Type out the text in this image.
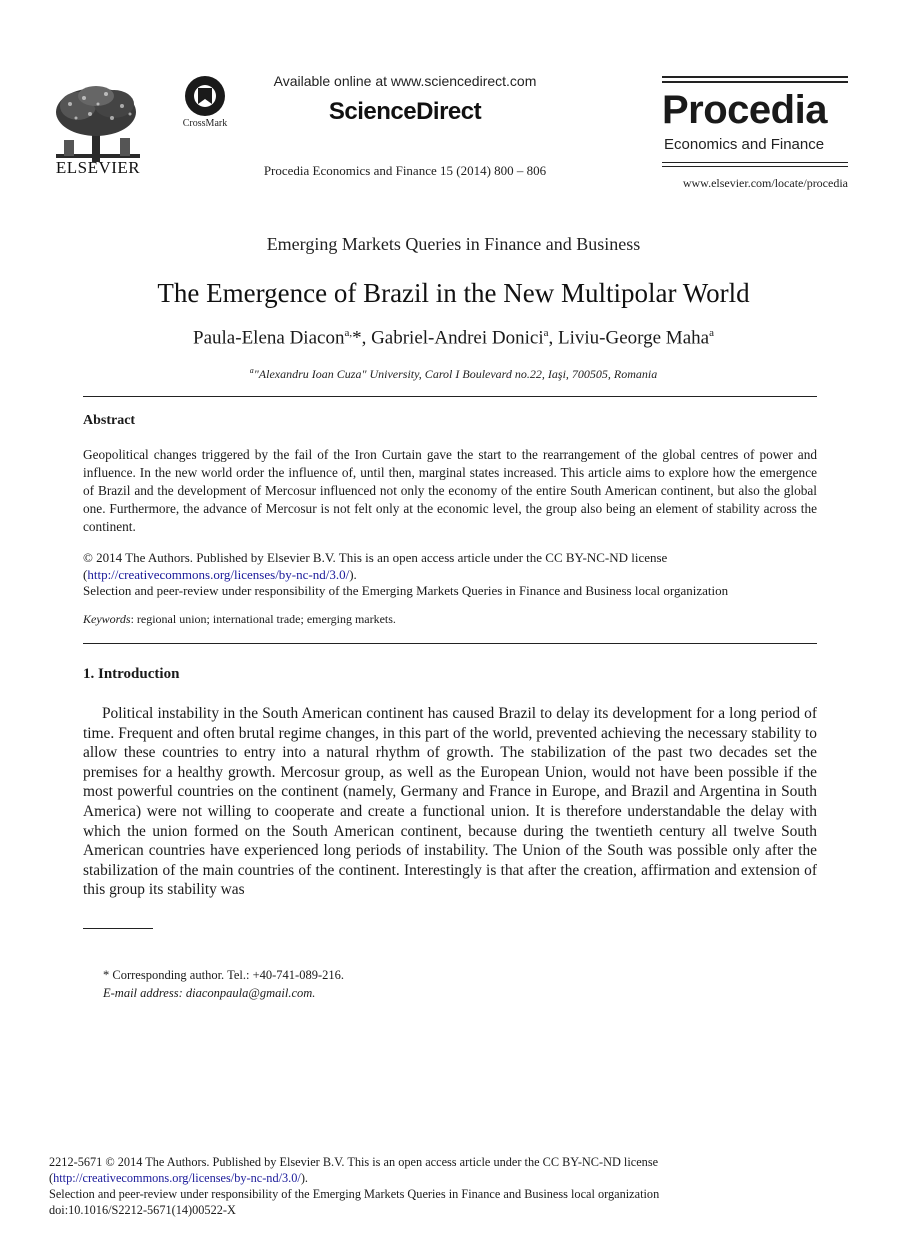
ELSEVIER
CrossMark
Available online at www.sciencedirect.com
ScienceDirect
Procedia Economics and Finance 15 (2014) 800 – 806
Procedia
Economics and Finance
www.elsevier.com/locate/procedia
Emerging Markets Queries in Finance and Business
The Emergence of Brazil in the New Multipolar World
Paula-Elena Diacon$^{a,}$*, Gabriel-Andrei Donici$^a$, Liviu-George Maha$^a$
$^a$"Alexandru Ioan Cuza" University, Carol I Boulevard no.22, Iaşi, 700505, Romania
Abstract
Geopolitical changes triggered by the fail of the Iron Curtain gave the start to the rearrangement of the global centres of power and influence. In the new world order the influence of, until then, marginal states increased. This article aims to explore how the emergence of Brazil and the development of Mercosur influenced not only the economy of the entire South American continent, but also the global one. Furthermore, the advance of Mercosur is not felt only at the economic level, the group also being an element of stability across the continent.
© 2014 The Authors. Published by Elsevier B.V. This is an open access article under the CC BY-NC-ND license
(http://creativecommons.org/licenses/by-nc-nd/3.0/).
Selection and peer-review under responsibility of the Emerging Markets Queries in Finance and Business local organization
Keywords: regional union; international trade; emerging markets.
1. Introduction
Political instability in the South American continent has caused Brazil to delay its development for a long period of time. Frequent and often brutal regime changes, in this part of the world, prevented achieving the necessary stability to allow these countries to entry into a natural rhythm of growth. The stabilization of the past two decades set the premises for a healthy growth. Mercosur group, as well as the European Union, would not have been possible if the most powerful countries on the continent (namely, Germany and France in Europe, and Brazil and Argentina in South America) were not willing to cooperate and create a functional union. It is therefore understandable the delay with which the union formed on the South American continent, because during the twentieth century all twelve South American countries have experienced long periods of instability. The Union of the South was possible only after the stabilization of the main countries of the continent. Interestingly is that after the creation, affirmation and extension of this group its stability was
* Corresponding author. Tel.: +40-741-089-216.
E-mail address: diaconpaula@gmail.com.
2212-5671 © 2014 The Authors. Published by Elsevier B.V. This is an open access article under the CC BY-NC-ND license
(http://creativecommons.org/licenses/by-nc-nd/3.0/).
Selection and peer-review under responsibility of the Emerging Markets Queries in Finance and Business local organization
doi:10.1016/S2212-5671(14)00522-X
